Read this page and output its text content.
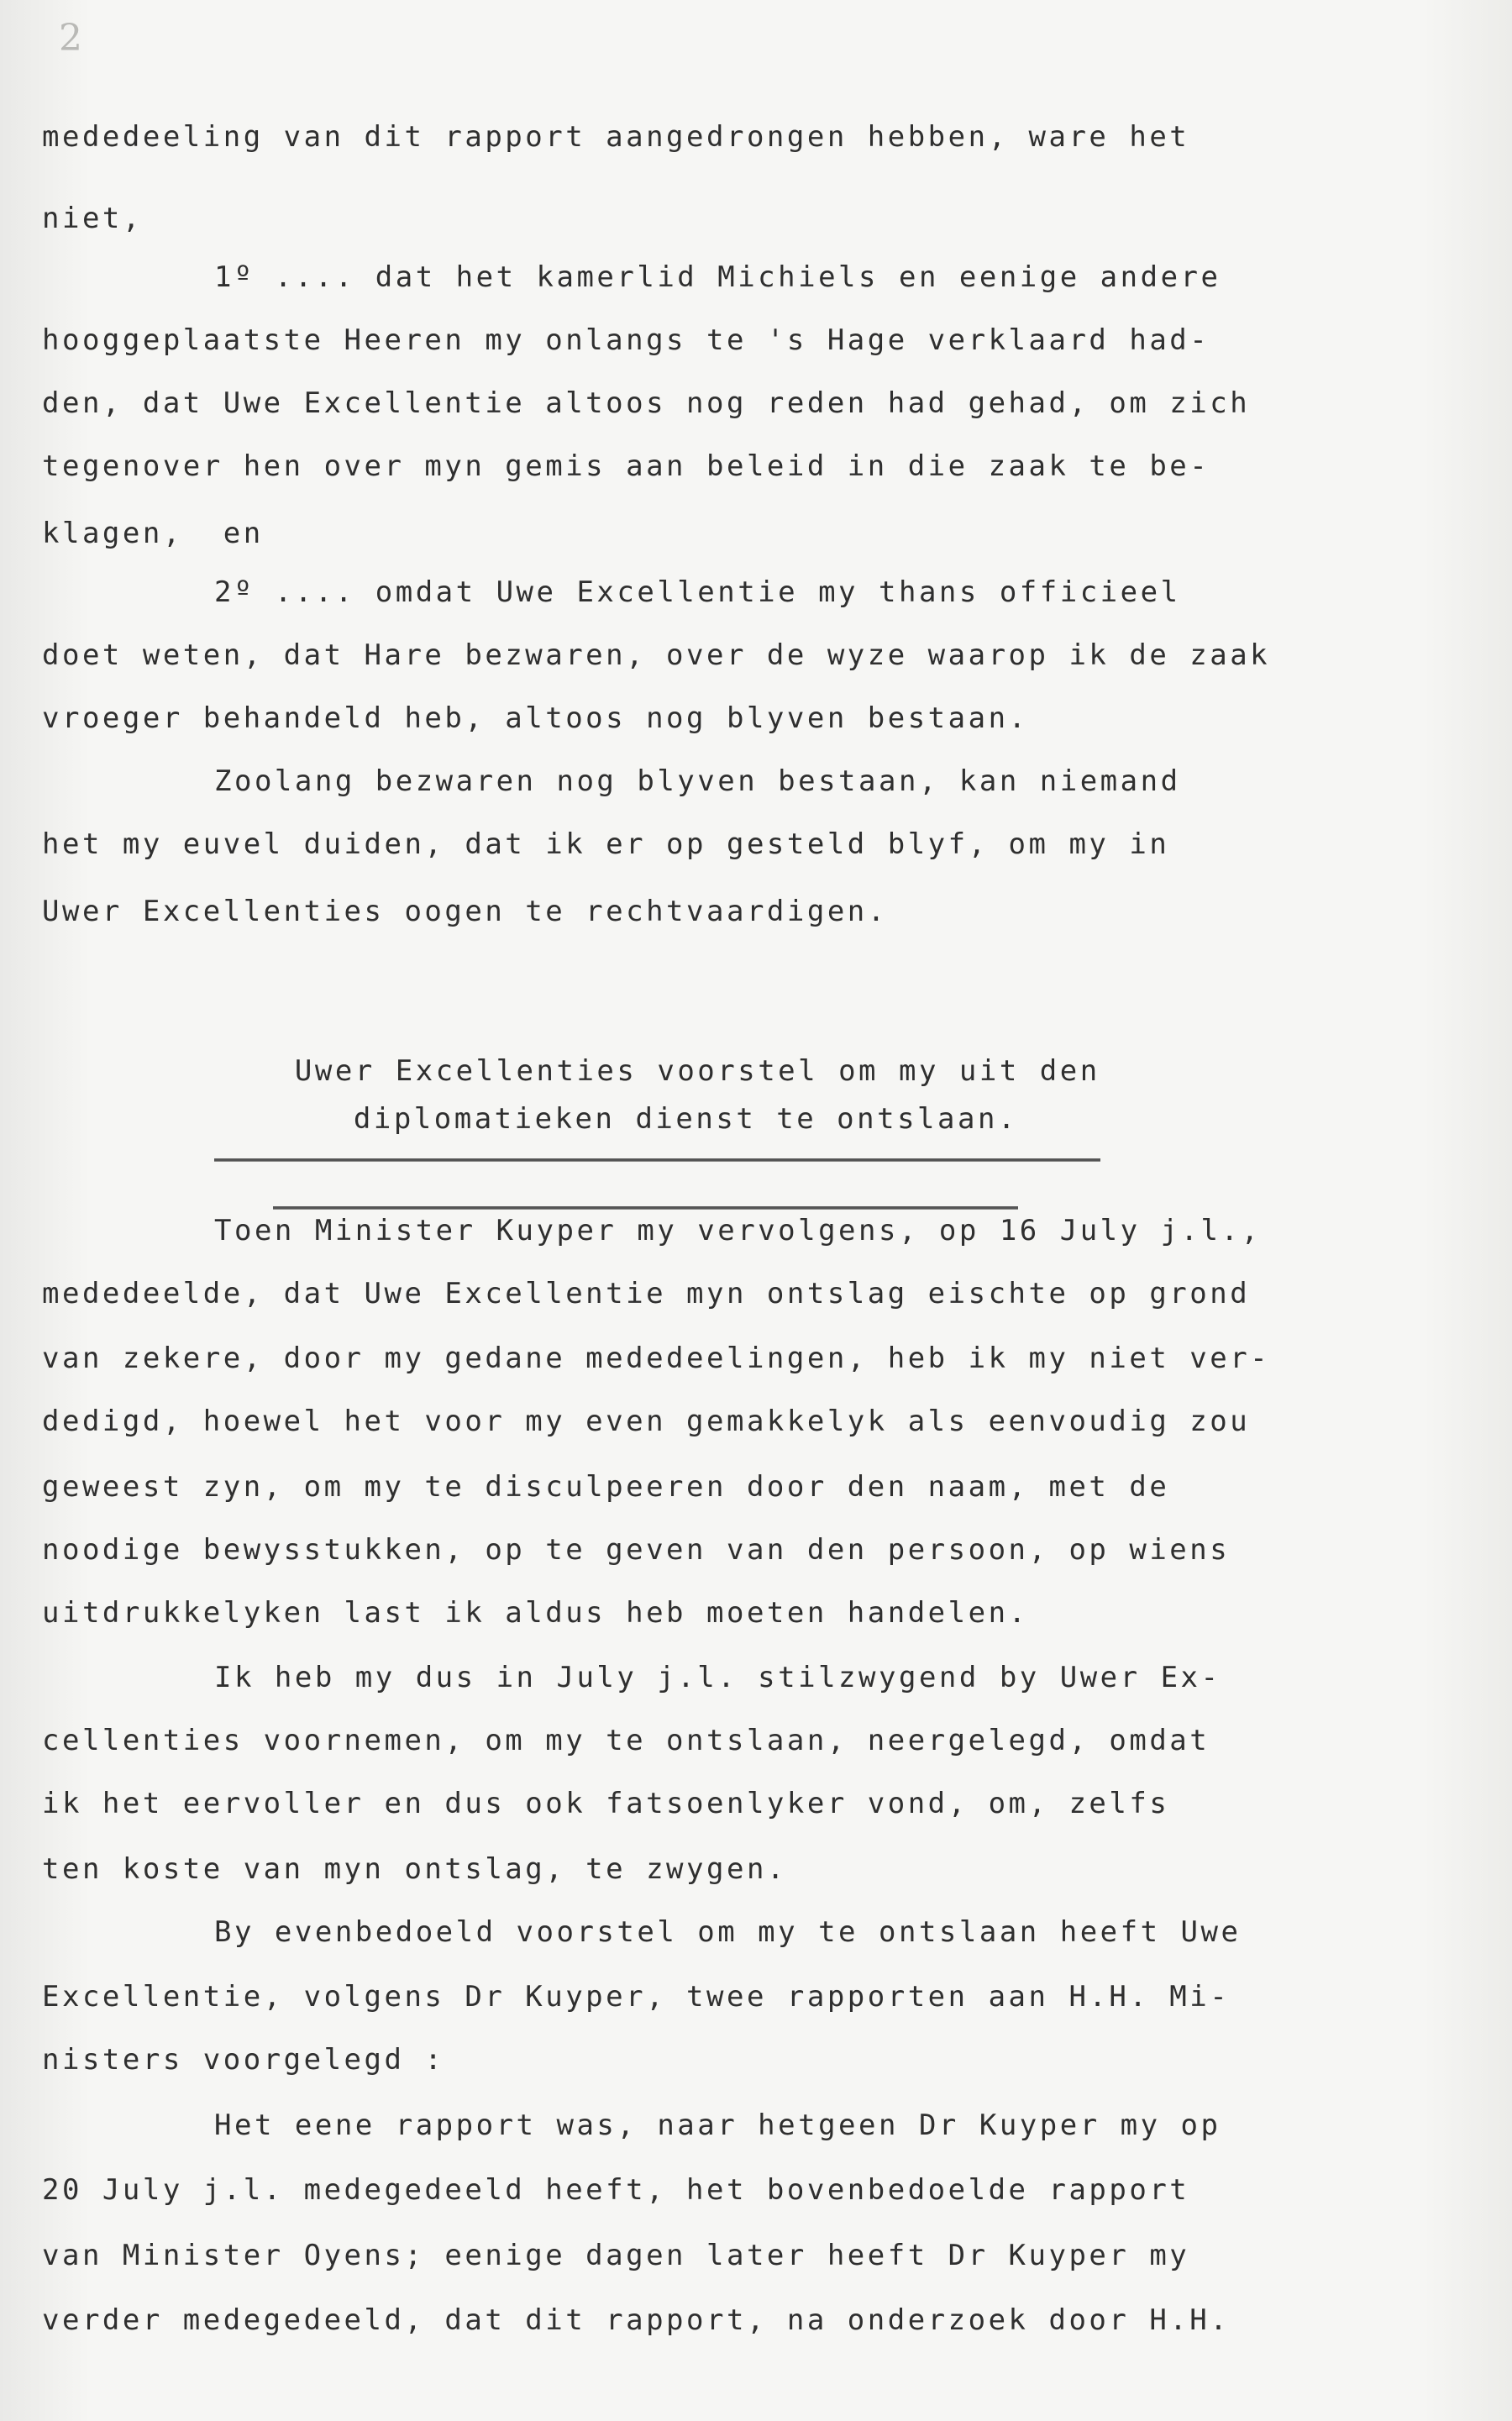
2
mededeeling van dit rapport aangedrongen hebben, ware het
niet,
1º .... dat het kamerlid Michiels en eenige andere
hooggeplaatste Heeren my onlangs te 's Hage verklaard had-
den, dat Uwe Excellentie altoos nog reden had gehad, om zich
tegenover hen over myn gemis aan beleid in die zaak te be-
klagen,  en
2º .... omdat Uwe Excellentie my thans officieel
doet weten, dat Hare bezwaren, over de wyze waarop ik de zaak
vroeger behandeld heb, altoos nog blyven bestaan.
Zoolang bezwaren nog blyven bestaan, kan niemand
het my euvel duiden, dat ik er op gesteld blyf, om my in
Uwer Excellenties oogen te rechtvaardigen.

Uwer Excellenties voorstel om my uit den

diplomatieken dienst te ontslaan.

Toen Minister Kuyper my vervolgens, op 16 July j.l.,
mededeelde, dat Uwe Excellentie myn ontslag eischte op grond
van zekere, door my gedane mededeelingen, heb ik my niet ver-
dedigd, hoewel het voor my even gemakkelyk als eenvoudig zou
geweest zyn, om my te disculpeeren door den naam, met de
noodige bewysstukken, op te geven van den persoon, op wiens
uitdrukkelyken last ik aldus heb moeten handelen.
Ik heb my dus in July j.l. stilzwygend by Uwer Ex-
cellenties voornemen, om my te ontslaan, neergelegd, omdat
ik het eervoller en dus ook fatsoenlyker vond, om, zelfs
ten koste van myn ontslag, te zwygen.
By evenbedoeld voorstel om my te ontslaan heeft Uwe
Excellentie, volgens Dr Kuyper, twee rapporten aan H.H. Mi-
nisters voorgelegd :
Het eene rapport was, naar hetgeen Dr Kuyper my op
20 July j.l. medegedeeld heeft, het bovenbedoelde rapport
van Minister Oyens; eenige dagen later heeft Dr Kuyper my
verder medegedeeld, dat dit rapport, na onderzoek door H.H.
